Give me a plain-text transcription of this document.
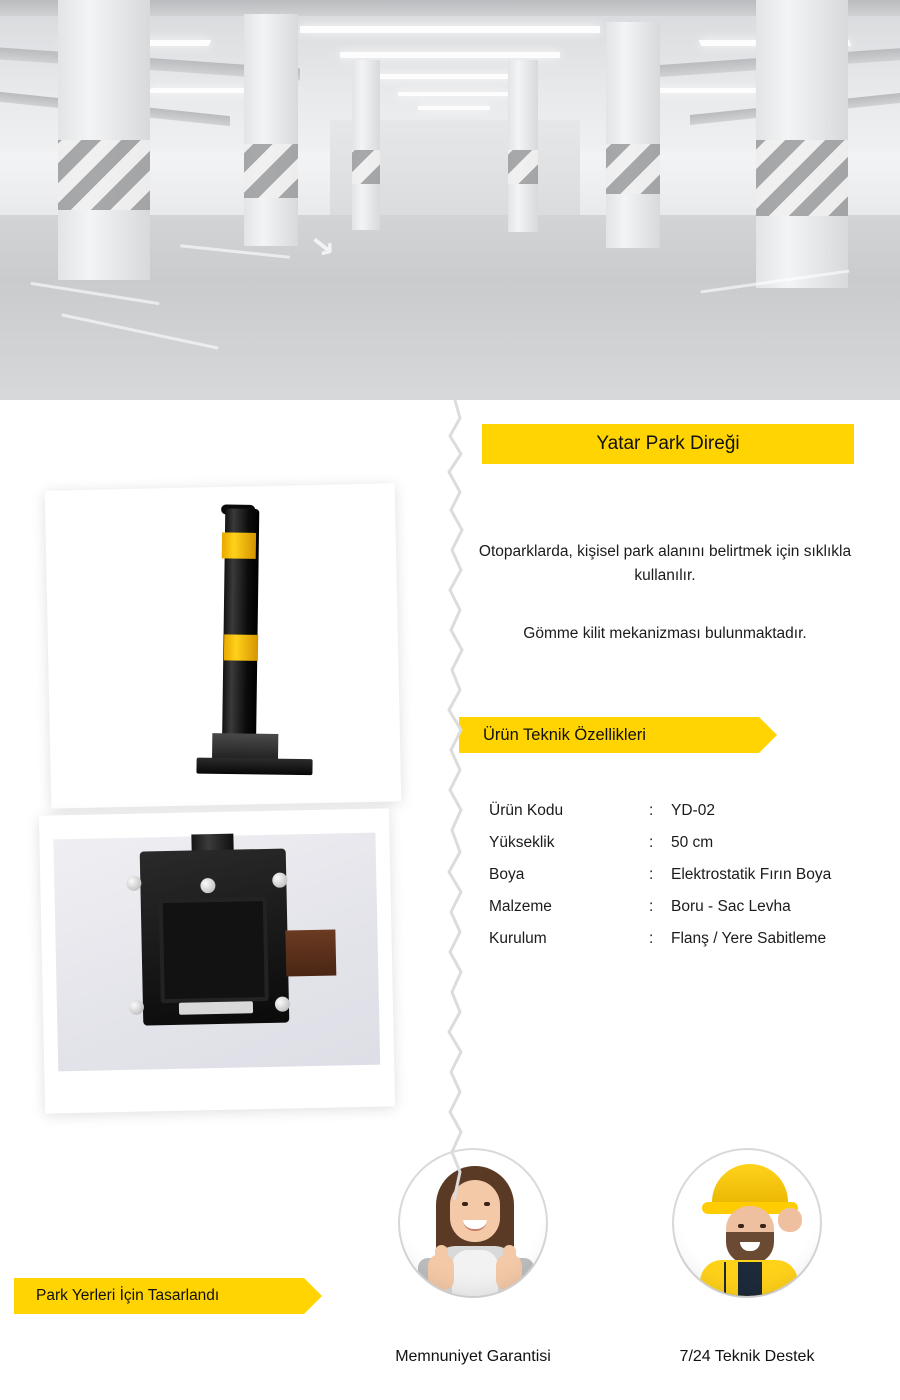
↘
Yatar Park Direği
Otoparklarda, kişisel park alanını belirtmek için sıklıkla kullanılır.
Gömme kilit mekanizması bulunmaktadır.
Ürün Teknik Özellikleri
Ürün Kodu	:	YD-02
Yükseklik	:	50 cm
Boya	:	Elektrostatik Fırın Boya
Malzeme	:	Boru - Sac Levha
Kurulum	:	Flanş / Yere Sabitleme
Memnuniyet Garantisi	7/24 Teknik Destek
Park Yerleri İçin Tasarlandı
